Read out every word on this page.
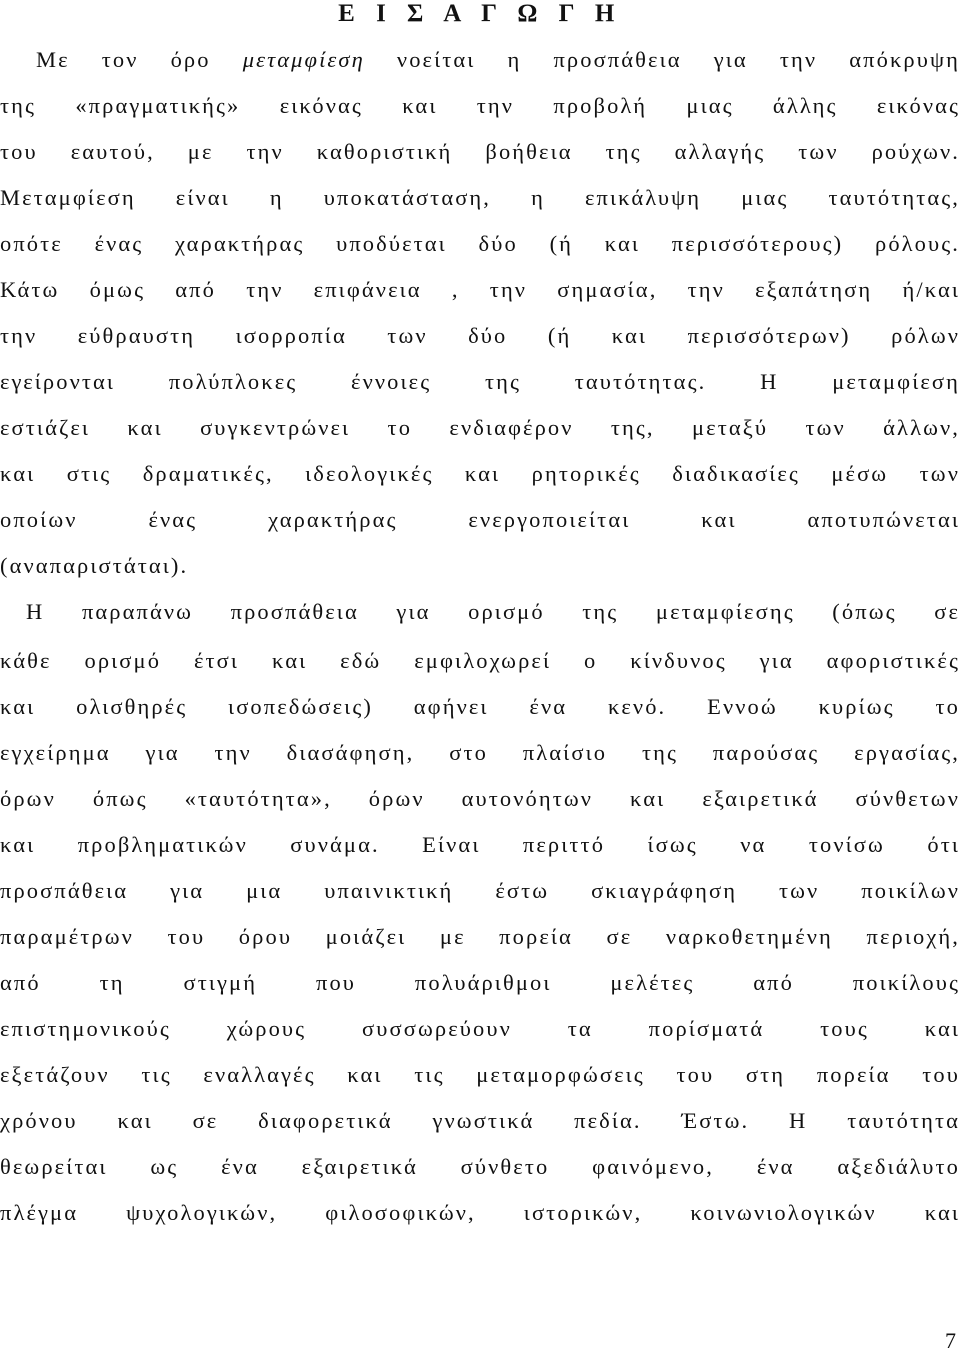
Ε Ι Σ Α Γ Ω Γ Η
Με τον όρο μεταμφίεση νοείται η προσπάθεια για την απόκρυψη
της «πραγματικής» εικόνας και την προβολή μιας άλλης εικόνας
του εαυτού, με την καθοριστική βοήθεια της αλλαγής των ρούχων.
Μεταμφίεση είναι η υποκατάσταση, η επικάλυψη μιας ταυτότητας,
οπότε ένας χαρακτήρας υποδύεται δύο (ή και περισσότερους) ρόλους.
Κάτω όμως από την επιφάνεια , την σημασία, την εξαπάτηση ή/και
την εύθραυστη ισορροπία των δύο (ή και περισσότερων) ρόλων
εγείρονται πολύπλοκες έννοιες της ταυτότητας. Η μεταμφίεση
εστιάζει και συγκεντρώνει το ενδιαφέρον της, μεταξύ των άλλων,
και στις δραματικές, ιδεολογικές και ρητορικές διαδικασίες μέσω των
οποίων ένας χαρακτήρας ενεργοποιείται και αποτυπώνεται
(αναπαριστάται).
Η παραπάνω προσπάθεια για ορισμό της μεταμφίεσης (όπως σε
κάθε ορισμό έτσι και εδώ εμφιλοχωρεί ο κίνδυνος για αφοριστικές
και ολισθηρές ισοπεδώσεις) αφήνει ένα κενό. Εννοώ κυρίως το
εγχείρημα για την διασάφηση, στο πλαίσιο της παρούσας εργασίας,
όρων όπως «ταυτότητα», όρων αυτονόητων και εξαιρετικά σύνθετων
και προβληματικών συνάμα. Είναι περιττό ίσως να τονίσω ότι
προσπάθεια για μια υπαινικτική έστω σκιαγράφηση των ποικίλων
παραμέτρων του όρου μοιάζει με πορεία σε ναρκοθετημένη περιοχή,
από τη στιγμή που πολυάριθμοι μελέτες από ποικίλους
επιστημονικούς χώρους συσσωρεύουν τα πορίσματά τους και
εξετάζουν τις εναλλαγές και τις μεταμορφώσεις του στη πορεία του
χρόνου και σε διαφορετικά γνωστικά πεδία. Έστω. Η ταυτότητα
θεωρείται ως ένα εξαιρετικά σύνθετο φαινόμενο, ένα αξεδιάλυτο
πλέγμα ψυχολογικών, φιλοσοφικών, ιστορικών, κοινωνιολογικών και
7
